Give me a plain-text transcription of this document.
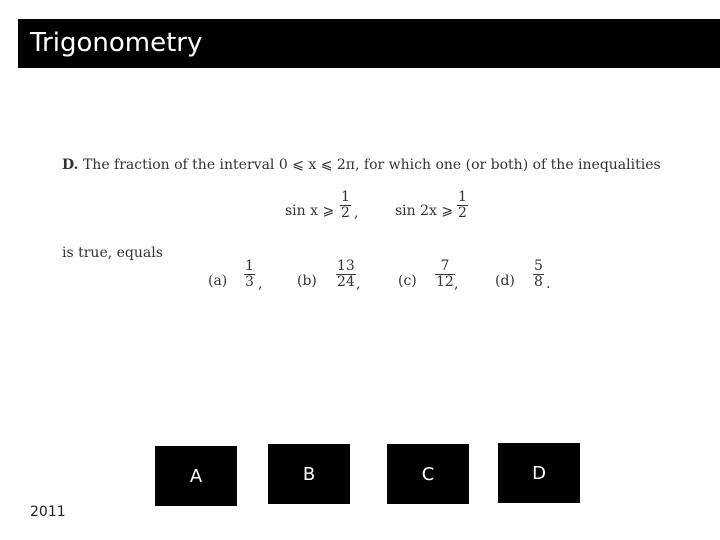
Trigonometry
D. The fraction of the interval 0 ⩽ x ⩽ 2π, for which one (or both) of the inequalities
sin x ⩾
1
2 ,	sin 2x ⩾
1
2
is true, equals
(a)
1
3 , (b)
13
24 ,	(c)
7
12 ,	(d)
5
8 .
A	B	C	D
2011
